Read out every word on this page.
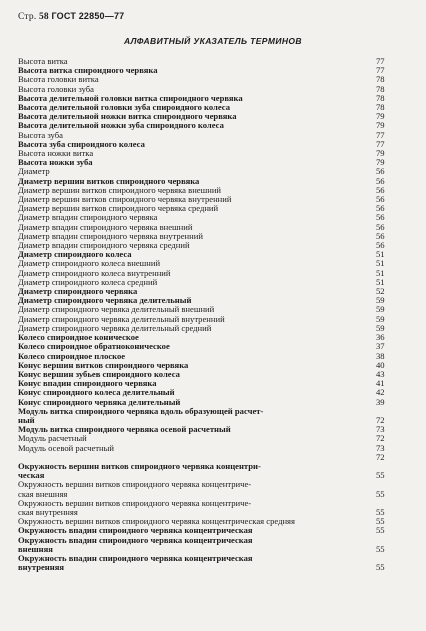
Стр. 58 ГОСТ 22850—77
АЛФАВИТНЫЙ УКАЗАТЕЛЬ ТЕРМИНОВ
Высота витка	77
Высота витка спироидного червяка	77
Высота головки витка	78
Высота головки зуба	78
Высота делительной головки витка спироидного червяка	78
Высота делительной головки зуба спироидного колеса	78
Высота делительной ножки витка спироидного червяка	79
Высота делительной ножки зуба спироидного колеса	79
Высота зуба	77
Высота зуба спироидного колеса	77
Высота ножки витка	79
Высота ножки зуба	79
Диаметр	56
Диаметр вершин витков спироидного червяка	56
Диаметр вершин витков спироидного червяка внешний	56
Диаметр вершин витков спироидного червяка внутренний	56
Диаметр вершин витков спироидного червяка средний	56
Диаметр впадин спироидного червяка	56
Диаметр впадин спироидного червяка внешний	56
Диаметр впадин спироидного червяка внутренний	56
Диаметр впадин спироидного червяка средний	56
Диаметр спироидного колеса	51
Диаметр спироидного колеса внешний	51
Диаметр спироидного колеса внутренний	51
Диаметр спироидного колеса средний	51
Диаметр спироидного червяка	52
Диаметр спироидного червяка делительный	59
Диаметр спироидного червяка делительный внешний	59
Диаметр спироидного червяка делительный внутренний	59
Диаметр спироидного червяка делительный средний	59
Колесо спироидное коническое	36
Колесо спироидное обратноконическое	37
Колесо спироидное плоское	38
Конус вершин витков спироидного червяка	40
Конус вершин зубьев спироидного колеса	43
Конус впадин спироидного червяка	41
Конус спироидного колеса делительный	42
Конус спироидного червяка делительный	39
Модуль витка спироидного червяка вдоль образующей расчет-
ный	72
Модуль витка спироидного червяка осевой расчетный	73
Модуль расчетный	72
Модуль осевой расчетный	73
72
Окружность вершин витков спироидного червяка концентри-
ческая	55
Окружность вершин витков спироидного червяка концентриче-
ская внешняя	55
Окружность вершин витков спироидного червяка концентриче-
ская внутренняя	55
Окружность вершин витков спироидного червяка концентрическая средняя	55
Окружность впадин спироидного червяка концентрическая	55
Окружность впадин спироидного червяка концентрическая
внешняя	55
Окружность впадин спироидного червяка концентрическая
внутренняя	55
